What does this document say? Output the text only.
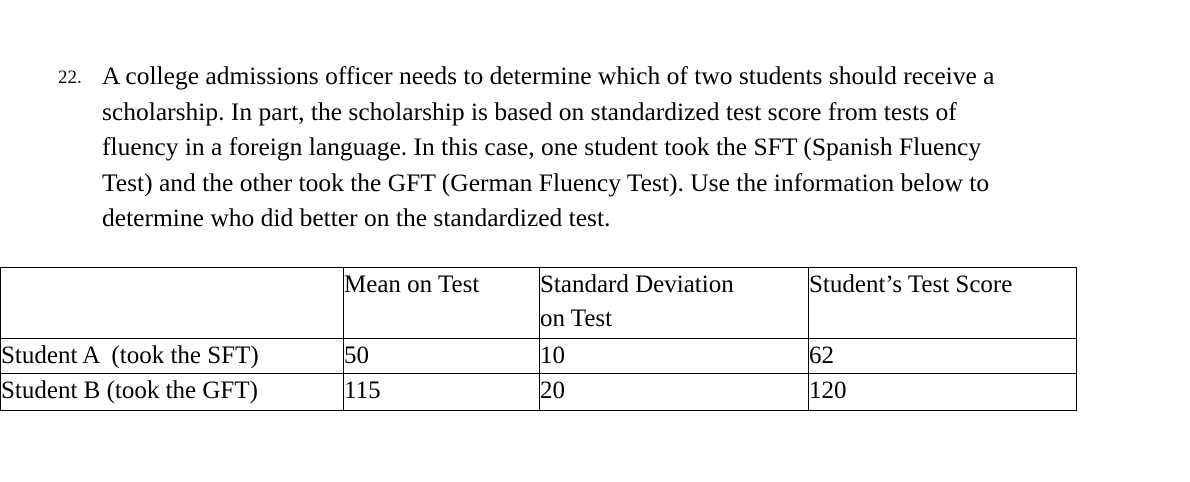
22. A college admissions officer needs to determine which of two students should receive a
scholarship. In part, the scholarship is based on standardized test score from tests of
fluency in a foreign language. In this case, one student took the SFT (Spanish Fluency
Test) and the other took the GFT (German Fluency Test). Use the information below to
determine who did better on the standardized test.
	Mean on Test	Standard Deviation
on Test	Student’s Test Score
Student A  (took the SFT)	50	10	62
Student B (took the GFT)	115	20	120
